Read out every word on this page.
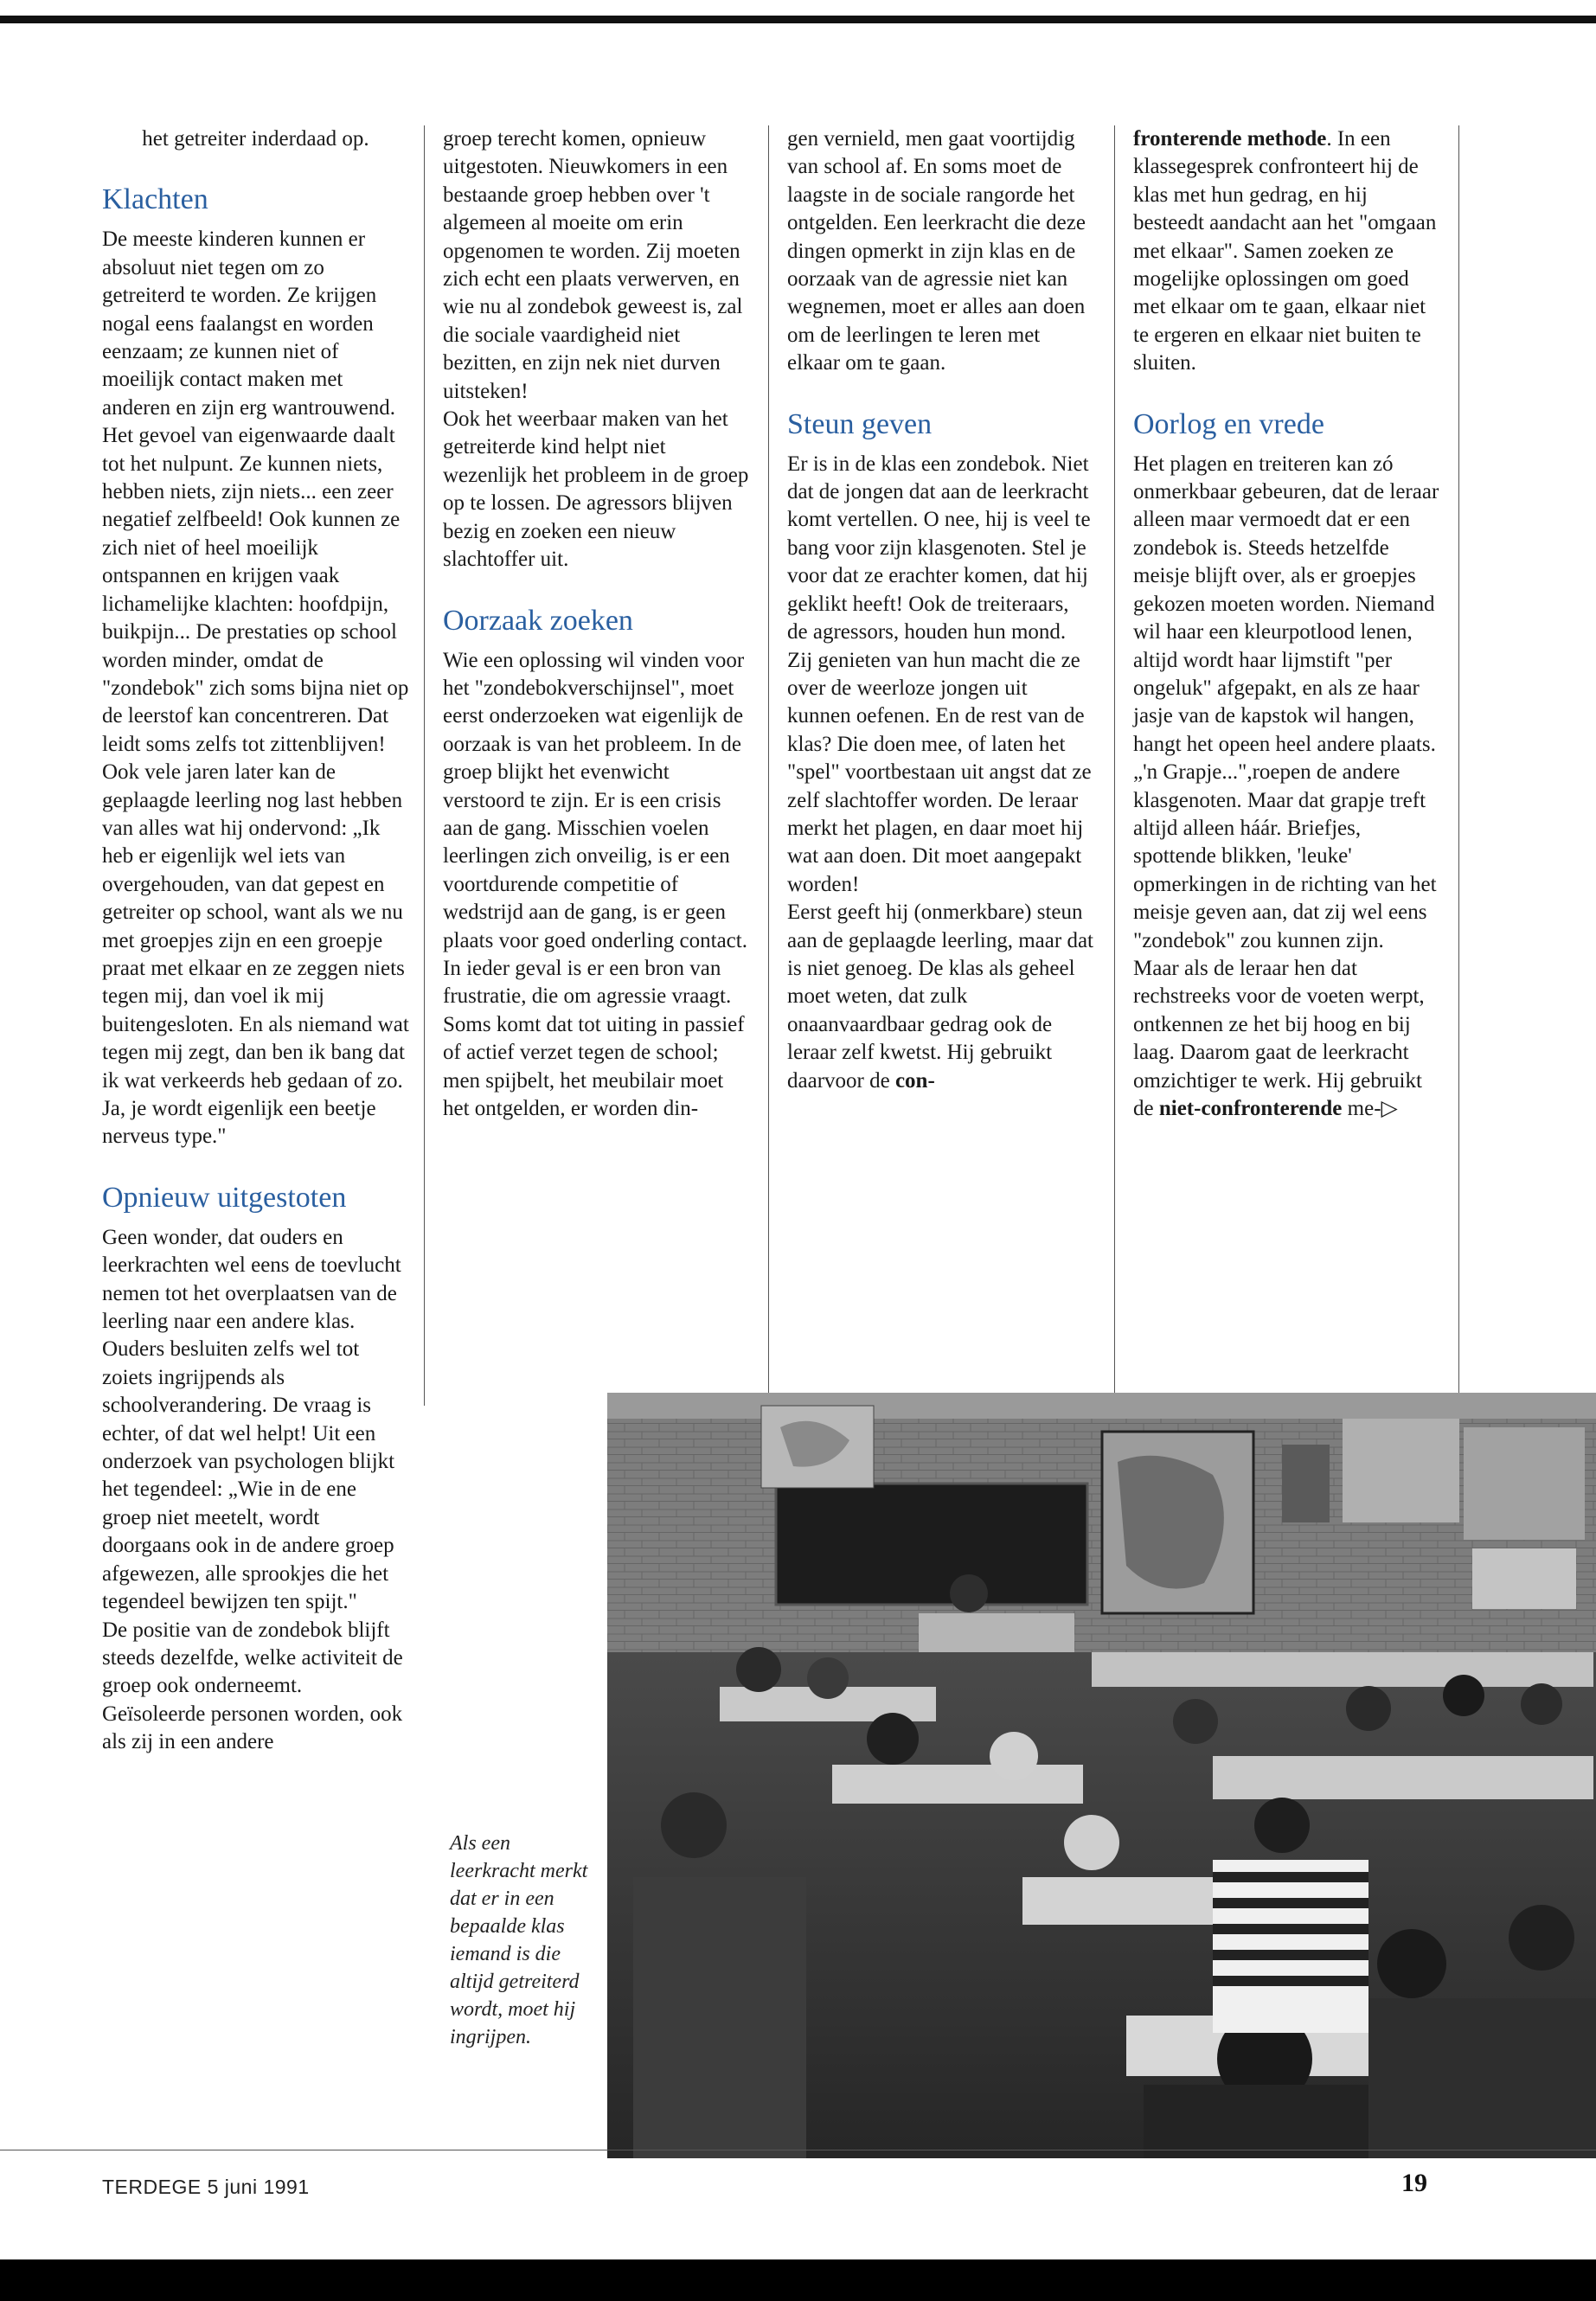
het getreiter inderdaad op.

Klachten

De meeste kinderen kunnen er absoluut niet tegen om zo getreiterd te worden. Ze krijgen nogal eens faalangst en worden eenzaam; ze kunnen niet of moeilijk contact maken met anderen en zijn erg wantrouwend. Het gevoel van eigenwaarde daalt tot het nulpunt. Ze kunnen niets, hebben niets, zijn niets... een zeer negatief zelfbeeld! Ook kunnen ze zich niet of heel moeilijk ontspannen en krijgen vaak lichamelijke klachten: hoofdpijn, buikpijn... De prestaties op school worden minder, omdat de "zondebok" zich soms bijna niet op de leerstof kan concentreren. Dat leidt soms zelfs tot zittenblijven!

Ook vele jaren later kan de geplaagde leerling nog last hebben van alles wat hij ondervond: „Ik heb er eigenlijk wel iets van overgehouden, van dat gepest en getreiter op school, want als we nu met groepjes zijn en een groepje praat met elkaar en ze zeggen niets tegen mij, dan voel ik mij buitengesloten. En als niemand wat tegen mij zegt, dan ben ik bang dat ik wat verkeerds heb gedaan of zo. Ja, je wordt eigenlijk een beetje nerveus type."

Opnieuw uitgestoten

Geen wonder, dat ouders en leerkrachten wel eens de toevlucht nemen tot het overplaatsen van de leerling naar een andere klas. Ouders besluiten zelfs wel tot zoiets ingrijpends als schoolverandering. De vraag is echter, of dat wel helpt! Uit een onderzoek van psychologen blijkt het tegendeel: „Wie in de ene groep niet meetelt, wordt doorgaans ook in de andere groep afgewezen, alle sprookjes die het tegendeel bewijzen ten spijt."

De positie van de zondebok blijft steeds dezelfde, welke activiteit de groep ook onderneemt. Geïsoleerde personen worden, ook als zij in een andere

groep terecht komen, opnieuw uitgestoten. Nieuwkomers in een bestaande groep hebben over 't algemeen al moeite om erin opgenomen te worden. Zij moeten zich echt een plaats verwerven, en wie nu al zondebok geweest is, zal die sociale vaardigheid niet bezitten, en zijn nek niet durven uitsteken!

Ook het weerbaar maken van het getreiterde kind helpt niet wezenlijk het probleem in de groep op te lossen. De agressors blijven bezig en zoeken een nieuw slachtoffer uit.

Oorzaak zoeken

Wie een oplossing wil vinden voor het "zondebokverschijnsel", moet eerst onderzoeken wat eigenlijk de oorzaak is van het probleem. In de groep blijkt het evenwicht verstoord te zijn. Er is een crisis aan de gang. Misschien voelen leerlingen zich onveilig, is er een voortdurende competitie of wedstrijd aan de gang, is er geen plaats voor goed onderling contact. In ieder geval is er een bron van frustratie, die om agressie vraagt.

Soms komt dat tot uiting in passief of actief verzet tegen de school; men spijbelt, het meubilair moet het ontgelden, er worden din-

gen vernield, men gaat voortijdig van school af. En soms moet de laagste in de sociale rangorde het ontgelden. Een leerkracht die deze dingen opmerkt in zijn klas en de oorzaak van de agressie niet kan wegnemen, moet er alles aan doen om de leerlingen te leren met elkaar om te gaan.

Steun geven

Er is in de klas een zondebok. Niet dat de jongen dat aan de leerkracht komt vertellen. O nee, hij is veel te bang voor zijn klasgenoten. Stel je voor dat ze erachter komen, dat hij geklikt heeft! Ook de treiteraars, de agressors, houden hun mond. Zij genieten van hun macht die ze over de weerloze jongen uit kunnen oefenen. En de rest van de klas? Die doen mee, of laten het "spel" voortbestaan uit angst dat ze zelf slachtoffer worden. De leraar merkt het plagen, en daar moet hij wat aan doen. Dit moet aangepakt worden!

Eerst geeft hij (onmerkbare) steun aan de geplaagde leerling, maar dat is niet genoeg. De klas als geheel moet weten, dat zulk onaanvaardbaar gedrag ook de leraar zelf kwetst. Hij gebruikt daarvoor de con-

fronterende methode. In een klassegesprek confronteert hij de klas met hun gedrag, en hij besteedt aandacht aan het "omgaan met elkaar". Samen zoeken ze mogelijke oplossingen om goed met elkaar om te gaan, elkaar niet te ergeren en elkaar niet buiten te sluiten.

Oorlog en vrede

Het plagen en treiteren kan zó onmerkbaar gebeuren, dat de leraar alleen maar vermoedt dat er een zondebok is. Steeds hetzelfde meisje blijft over, als er groepjes gekozen moeten worden. Niemand wil haar een kleurpotlood lenen, altijd wordt haar lijmstift "per ongeluk" afgepakt, en als ze haar jasje van de kapstok wil hangen, hangt het opeen heel andere plaats. „'n Grapje...",roepen de andere klasgenoten. Maar dat grapje treft altijd alleen háár. Briefjes, spottende blikken, 'leuke' opmerkingen in de richting van het meisje geven aan, dat zij wel eens "zondebok" zou kunnen zijn.

Maar als de leraar hen dat rechstreeks voor de voeten werpt, ontkennen ze het bij hoog en bij laag. Daarom gaat de leerkracht omzichtiger te werk. Hij gebruikt de niet-confronterende me-▷

Als een leerkracht merkt dat er in een bepaalde klas iemand is die altijd getreiterd wordt, moet hij ingrijpen.
TERDEGE 5 juni 1991	19
